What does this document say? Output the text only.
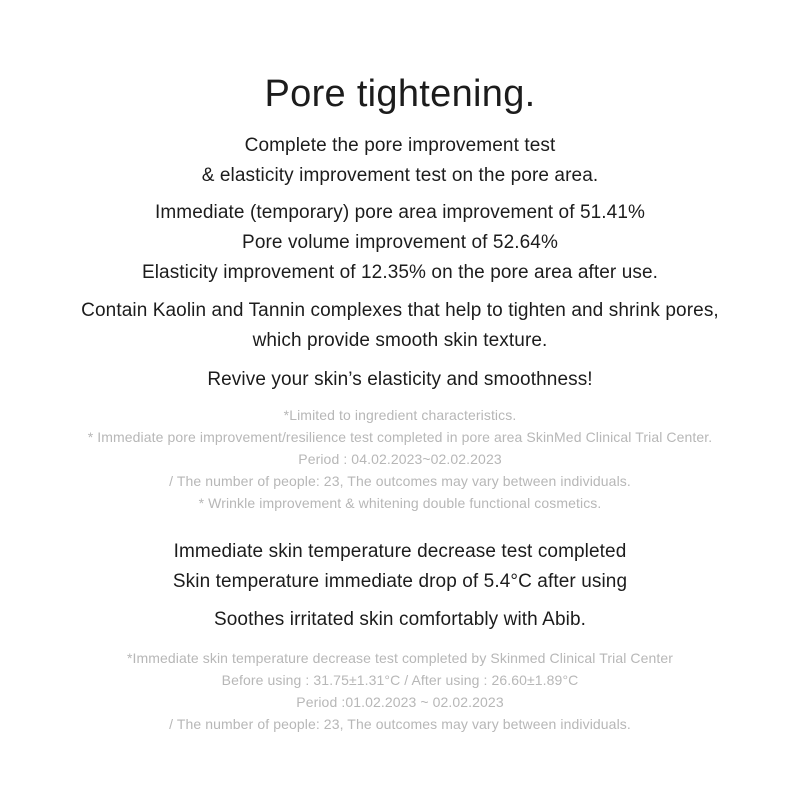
Pore tightening.
Complete the pore improvement test
& elasticity improvement test on the pore area.
Immediate (temporary) pore area improvement of 51.41%
Pore volume improvement of 52.64%
Elasticity improvement of 12.35% on the pore area after use.
Contain Kaolin and Tannin complexes that help to tighten and shrink pores,
which provide smooth skin texture.
Revive your skin’s elasticity and smoothness!
*Limited to ingredient characteristics.
* Immediate pore improvement/resilience test completed in pore area SkinMed Clinical Trial Center.
Period : 04.02.2023~02.02.2023
/ The number of people: 23, The outcomes may vary between individuals.
* Wrinkle improvement & whitening double functional cosmetics.
Immediate skin temperature decrease test completed
Skin temperature immediate drop of 5.4°C after using
Soothes irritated skin comfortably with Abib.
*Immediate skin temperature decrease test completed by Skinmed Clinical Trial Center
Before using : 31.75±1.31°C / After using : 26.60±1.89°C
Period :01.02.2023 ~ 02.02.2023
/ The number of people: 23, The outcomes may vary between individuals.
